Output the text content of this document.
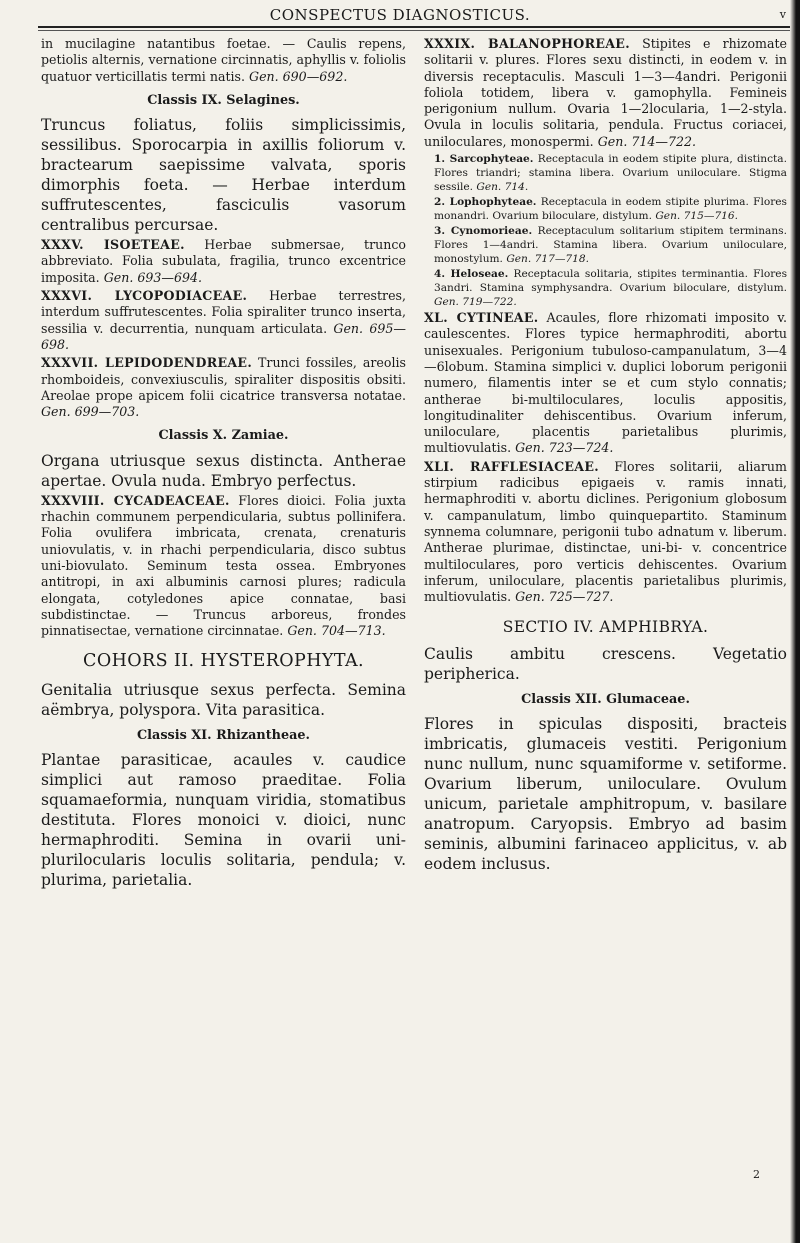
CONSPECTUS DIAGNOSTICUS.	v

in mucilagine natantibus foetae. — Caulis repens, petiolis alternis, vernatione circinnatis, aphyllis v. foliolis quatuor verticillatis termi natis. Gen. 690—692.

Classis IX. Selagines.

Truncus foliatus, foliis simplicissimis, sessilibus. Sporocarpia in axillis foliorum v. bractearum saepissime valvata, sporis dimorphis foeta. — Herbae interdum suffrutescentes, fasciculis vasorum centralibus percursae.

XXXV. ISOETEAE. Herbae submersae, trunco abbreviato. Folia subulata, fragilia, trunco excentrice imposita. Gen. 693—694.

XXXVI. LYCOPODIACEAE. Herbae terrestres, interdum suffrutescentes. Folia spiraliter trunco inserta, sessilia v. decurrentia, nunquam articulata. Gen. 695—698.

XXXVII. LEPIDODENDREAE. Trunci fossiles, areolis rhomboideis, convexiusculis, spiraliter dispositis obsiti. Areolae prope apicem folii cicatrice transversa notatae. Gen. 699—703.

Classis X. Zamiae.

Organa utriusque sexus distincta. Antherae apertae. Ovula nuda. Embryo perfectus.

XXXVIII. CYCADEACEAE. Flores dioici. Folia juxta rhachin communem perpendicularia, subtus pollinifera. Folia ovulifera imbricata, crenata, crenaturis uniovulatis, v. in rhachi perpendicularia, disco subtus uni-biovulato. Seminum testa ossea. Embryones antitropi, in axi albuminis carnosi plures; radicula elongata, cotyledones apice connatae, basi subdistinctae. — Truncus arboreus, frondes pinnatisectae, vernatione circinnatae. Gen. 704—713.

COHORS II. HYSTEROPHYTA.

Genitalia utriusque sexus perfecta. Semina aëmbrya, polyspora. Vita parasitica.

Classis XI. Rhizantheae.

Plantae parasiticae, acaules v. caudice simplici aut ramoso praeditae. Folia squamaeformia, nunquam viridia, stomatibus destituta. Flores monoici v. dioici, nunc hermaphroditi. Semina in ovarii uni-plurilocularis loculis solitaria, pendula; v. plurima, parietalia.

XXXIX. BALANOPHOREAE. Stipites e rhizomate solitarii v. plures. Flores sexu distincti, in eodem v. in diversis receptaculis. Masculi 1—3—4andri. Perigonii foliola totidem, libera v. gamophylla. Femineis perigonium nullum. Ovaria 1—2locularia, 1—2-styla. Ovula in loculis solitaria, pendula. Fructus coriacei, uniloculares, monospermi. Gen. 714—722.

1. Sarcophyteae. Receptacula in eodem stipite plura, distincta. Flores triandri; stamina libera. Ovarium uniloculare. Stigma sessile. Gen. 714.

2. Lophophyteae. Receptacula in eodem stipite plurima. Flores monandri. Ovarium biloculare, distylum. Gen. 715—716.

3. Cynomorieae. Receptaculum solitarium stipitem terminans. Flores 1—4andri. Stamina libera. Ovarium uniloculare, monostylum. Gen. 717—718.

4. Heloseae. Receptacula solitaria, stipites terminantia. Flores 3andri. Stamina symphysandra. Ovarium biloculare, distylum. Gen. 719—722.

XL. CYTINEAE. Acaules, flore rhizomati imposito v. caulescentes. Flores typice hermaphroditi, abortu unisexuales. Perigonium tubuloso-campanulatum, 3—4—6lobum. Stamina simplici v. duplici loborum perigonii numero, filamentis inter se et cum stylo connatis; antherae bi-multiloculares, loculis appositis, longitudinaliter dehiscentibus. Ovarium inferum, uniloculare, placentis parietalibus plurimis, multiovulatis. Gen. 723—724.

XLI. RAFFLESIACEAE. Flores solitarii, aliarum stirpium radicibus epigaeis v. ramis innati, hermaphroditi v. abortu diclines. Perigonium globosum v. campanulatum, limbo quinquepartito. Staminum synnema columnare, perigonii tubo adnatum v. liberum. Antherae plurimae, distinctae, uni-bi- v. concentrice multiloculares, poro verticis dehiscentes. Ovarium inferum, uniloculare, placentis parietalibus plurimis, multiovulatis. Gen. 725—727.

SECTIO IV. AMPHIBRYA.

Caulis ambitu crescens. Vegetatio peripherica.

Classis XII. Glumaceae.

Flores in spiculas dispositi, bracteis imbricatis, glumaceis vestiti. Perigonium nunc nullum, nunc squamiforme v. setiforme. Ovarium liberum, uniloculare. Ovulum unicum, parietale amphitropum, v. basilare anatropum. Caryopsis. Embryo ad basim seminis, albumini farinaceo applicitus, v. ab eodem inclusus.

2
